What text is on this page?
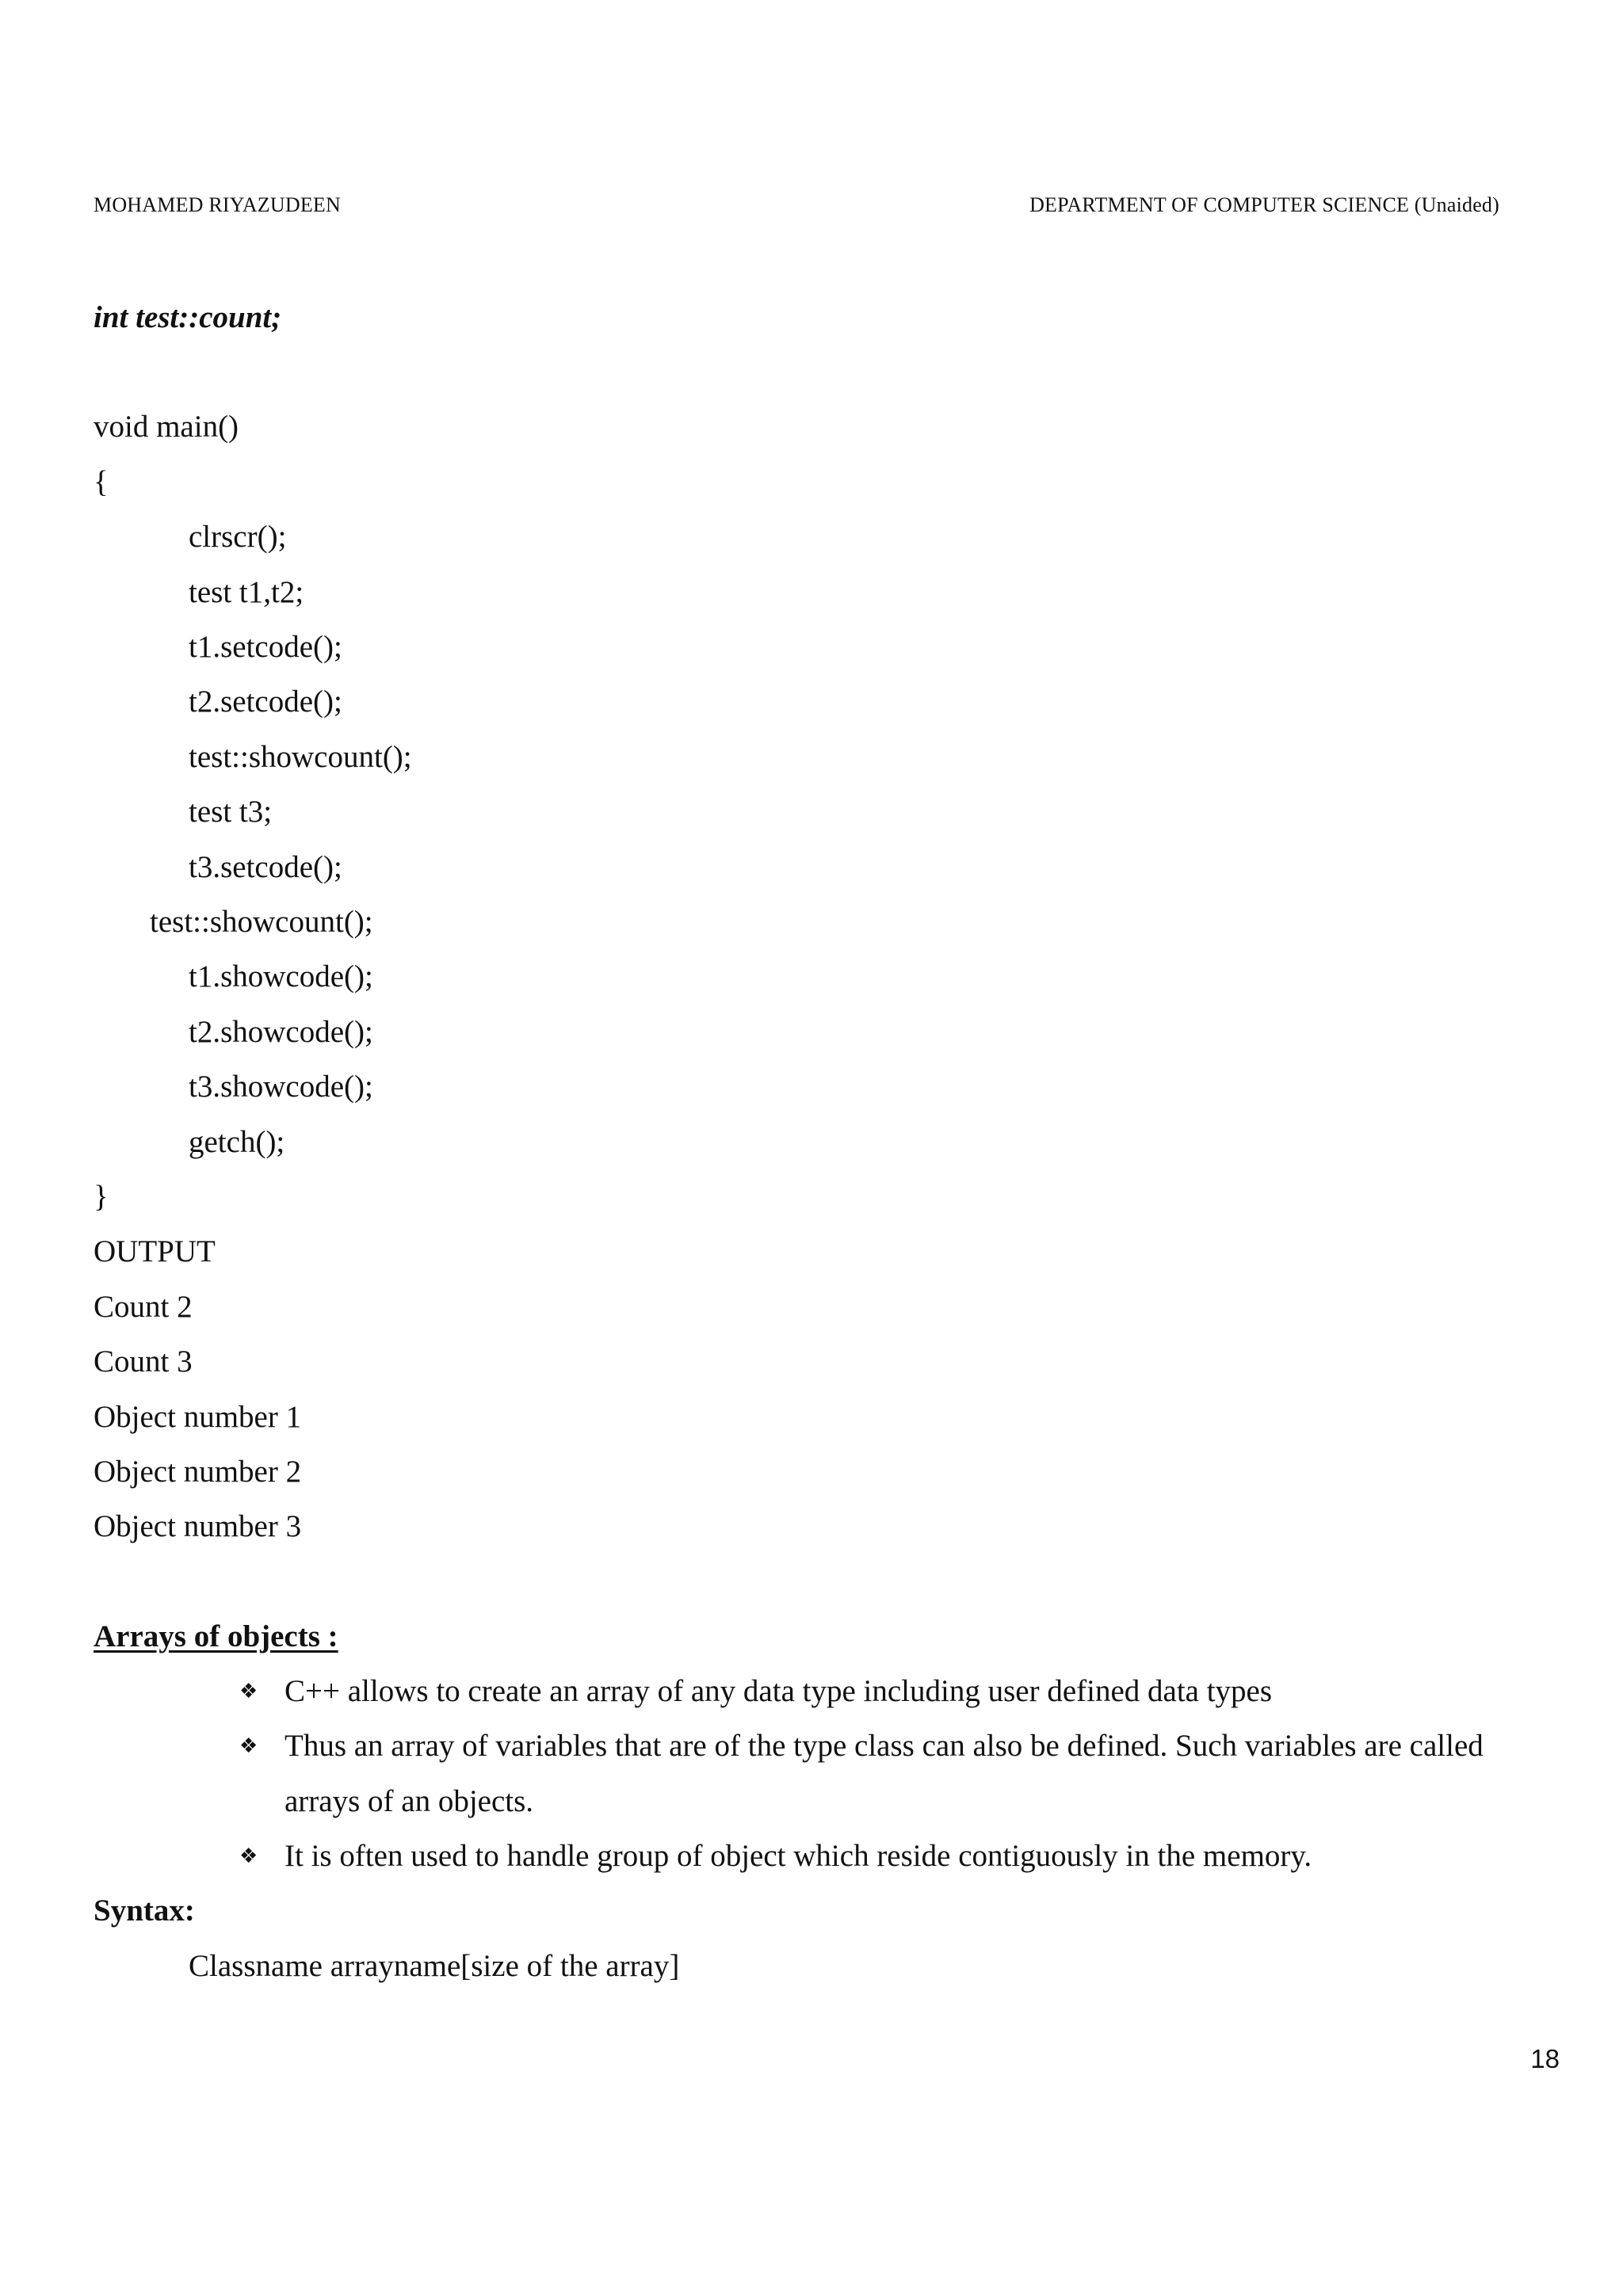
MOHAMED RIYAZUDEEN	DEPARTMENT OF COMPUTER SCIENCE (Unaided)
int test::count;
void main()
{
clrscr();
test t1,t2;
t1.setcode();
t2.setcode();
test::showcount();
test t3;
t3.setcode();
test::showcount();
t1.showcode();
t2.showcode();
t3.showcode();
getch();
}
OUTPUT
Count 2
Count 3
Object number 1
Object number 2
Object number 3
Arrays of objects :
❖ C++ allows to create an array of any data type including user defined data types
❖ Thus an array of variables that are of the type class can also be defined. Such variables are called
arrays of an objects.
❖ It is often used to handle group of object which reside contiguously in the memory.
Syntax:
Classname arrayname[size of the array]
18
